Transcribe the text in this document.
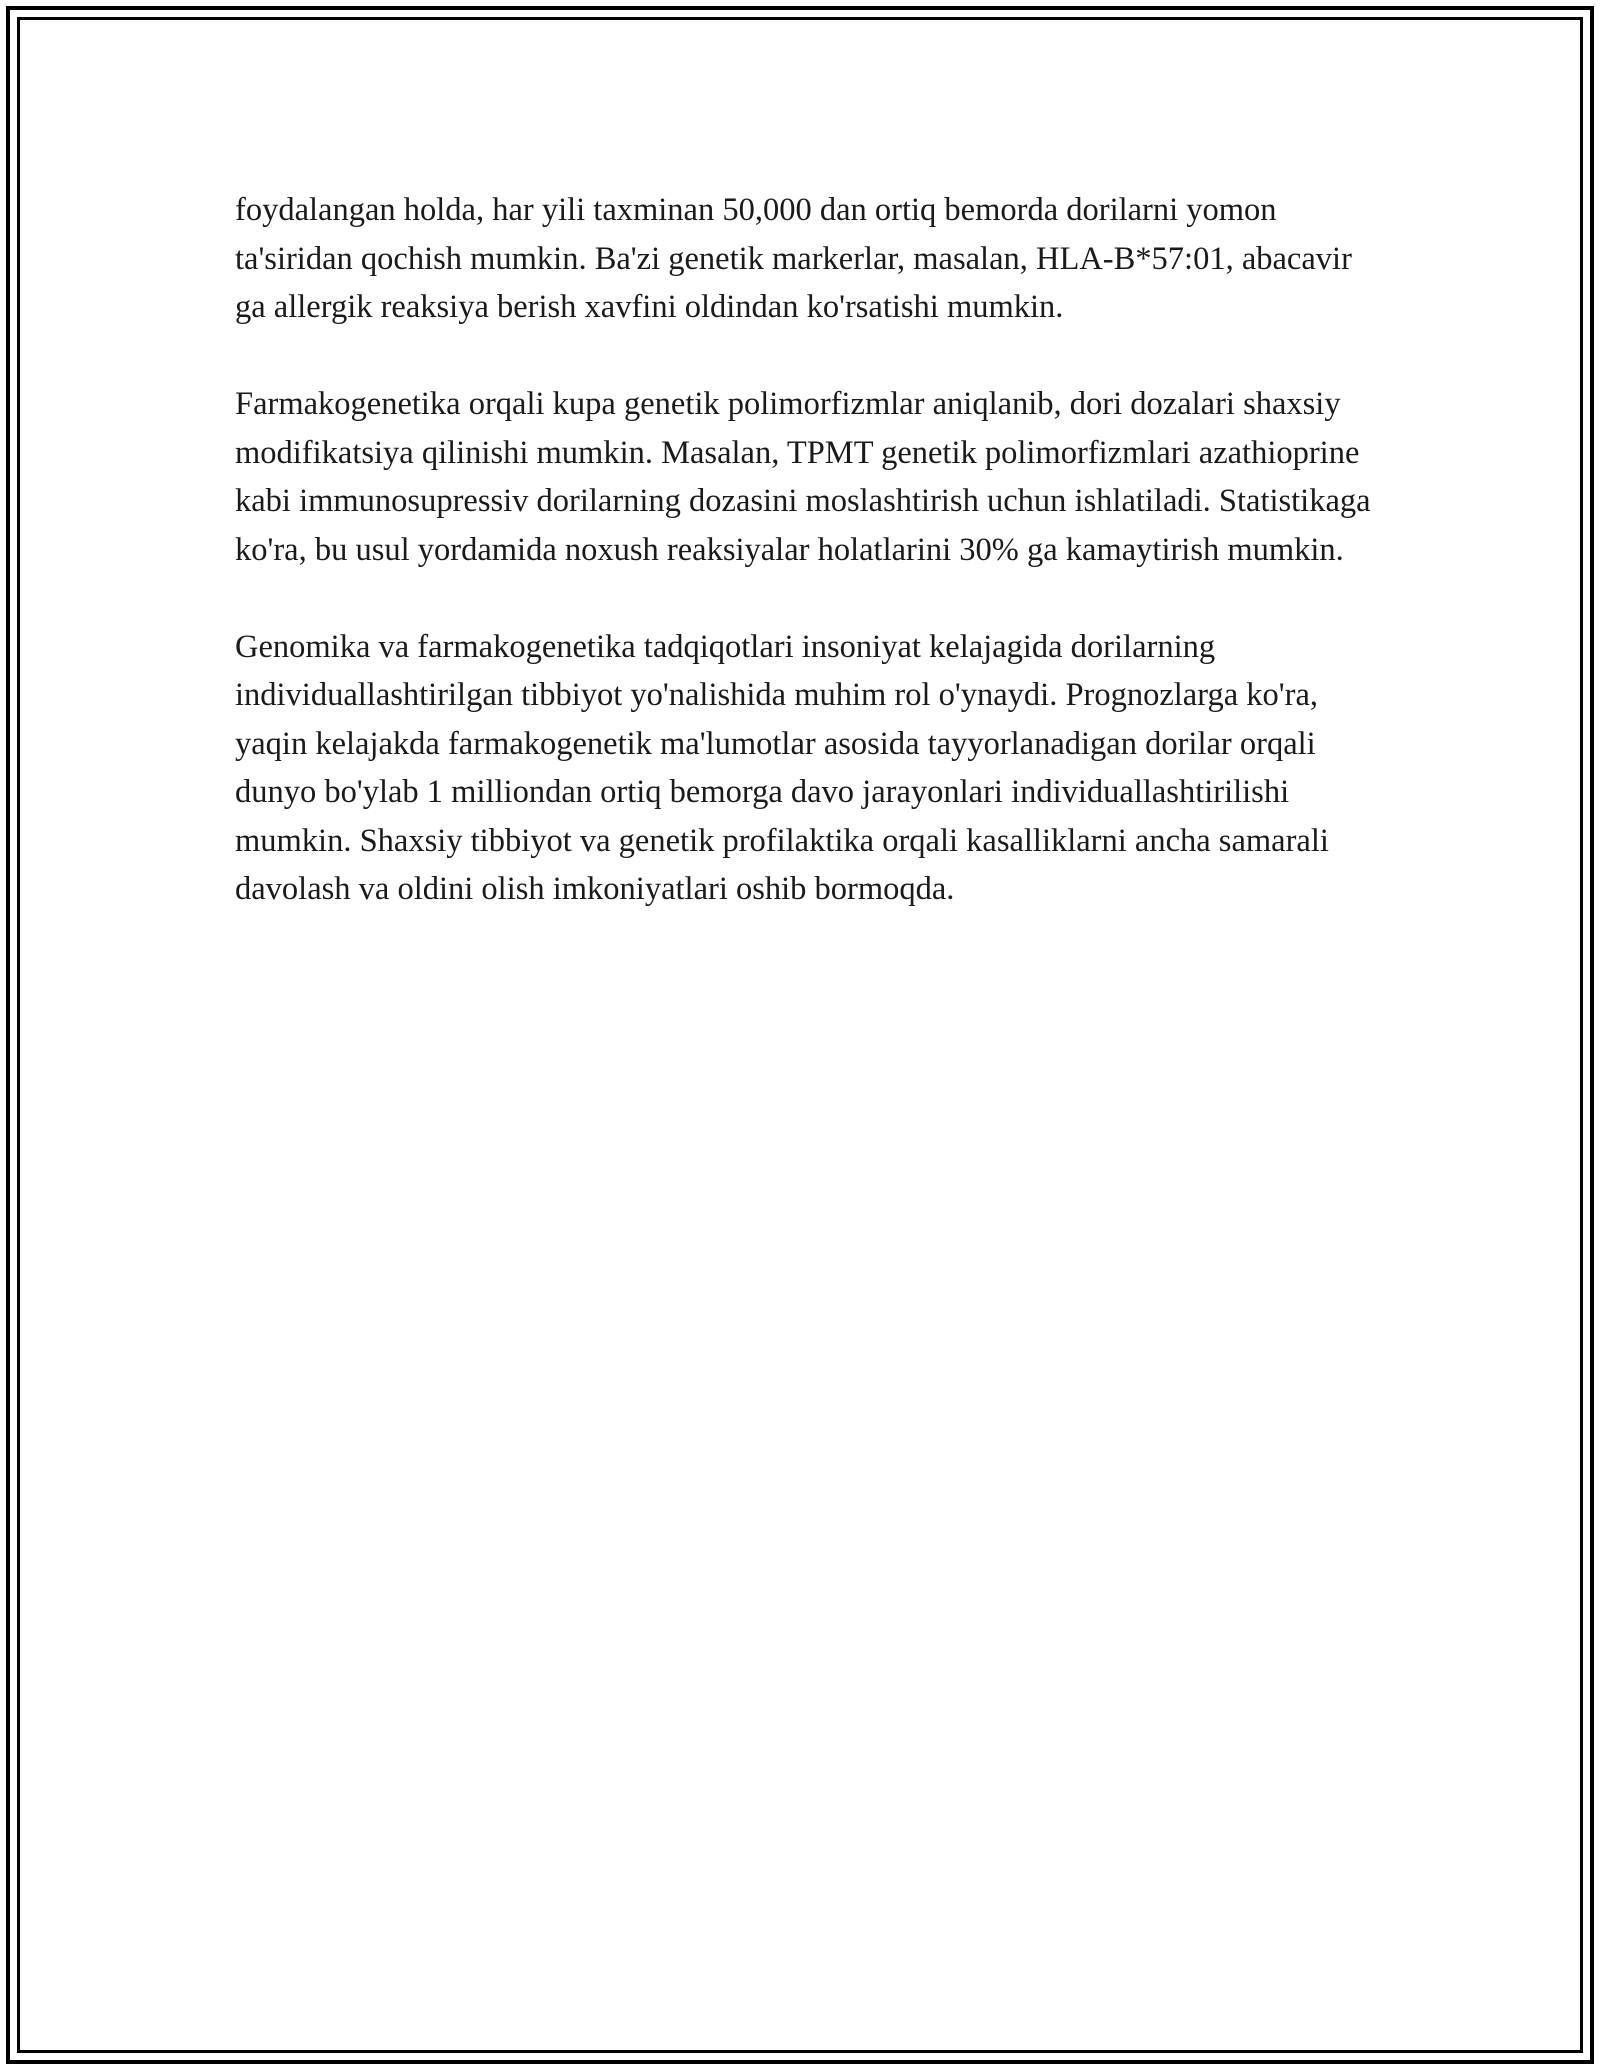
foydalangan holda, har yili taxminan 50,000 dan ortiq bemorda dorilarni yomon ta'siridan qochish mumkin. Ba'zi genetik markerlar, masalan, HLA-B*57:01, abacavir ga allergik reaksiya berish xavfini oldindan ko'rsatishi mumkin.

Farmakogenetika orqali kupa genetik polimorfizmlar aniqlanib, dori dozalari shaxsiy modifikatsiya qilinishi mumkin. Masalan, TPMT genetik polimorfizmlari azathioprine kabi immunosupressiv dorilarning dozasini moslashtirish uchun ishlatiladi. Statistikaga ko'ra, bu usul yordamida noxush reaksiyalar holatlarini 30% ga kamaytirish mumkin.

Genomika va farmakogenetika tadqiqotlari insoniyat kelajagida dorilarning individuallashtirilgan tibbiyot yo'nalishida muhim rol o'ynaydi. Prognozlarga ko'ra, yaqin kelajakda farmakogenetik ma'lumotlar asosida tayyorlanadigan dorilar orqali dunyo bo'ylab 1 milliondan ortiq bemorga davo jarayonlari individuallashtirilishi mumkin. Shaxsiy tibbiyot va genetik profilaktika orqali kasalliklarni ancha samarali davolash va oldini olish imkoniyatlari oshib bormoqda.
